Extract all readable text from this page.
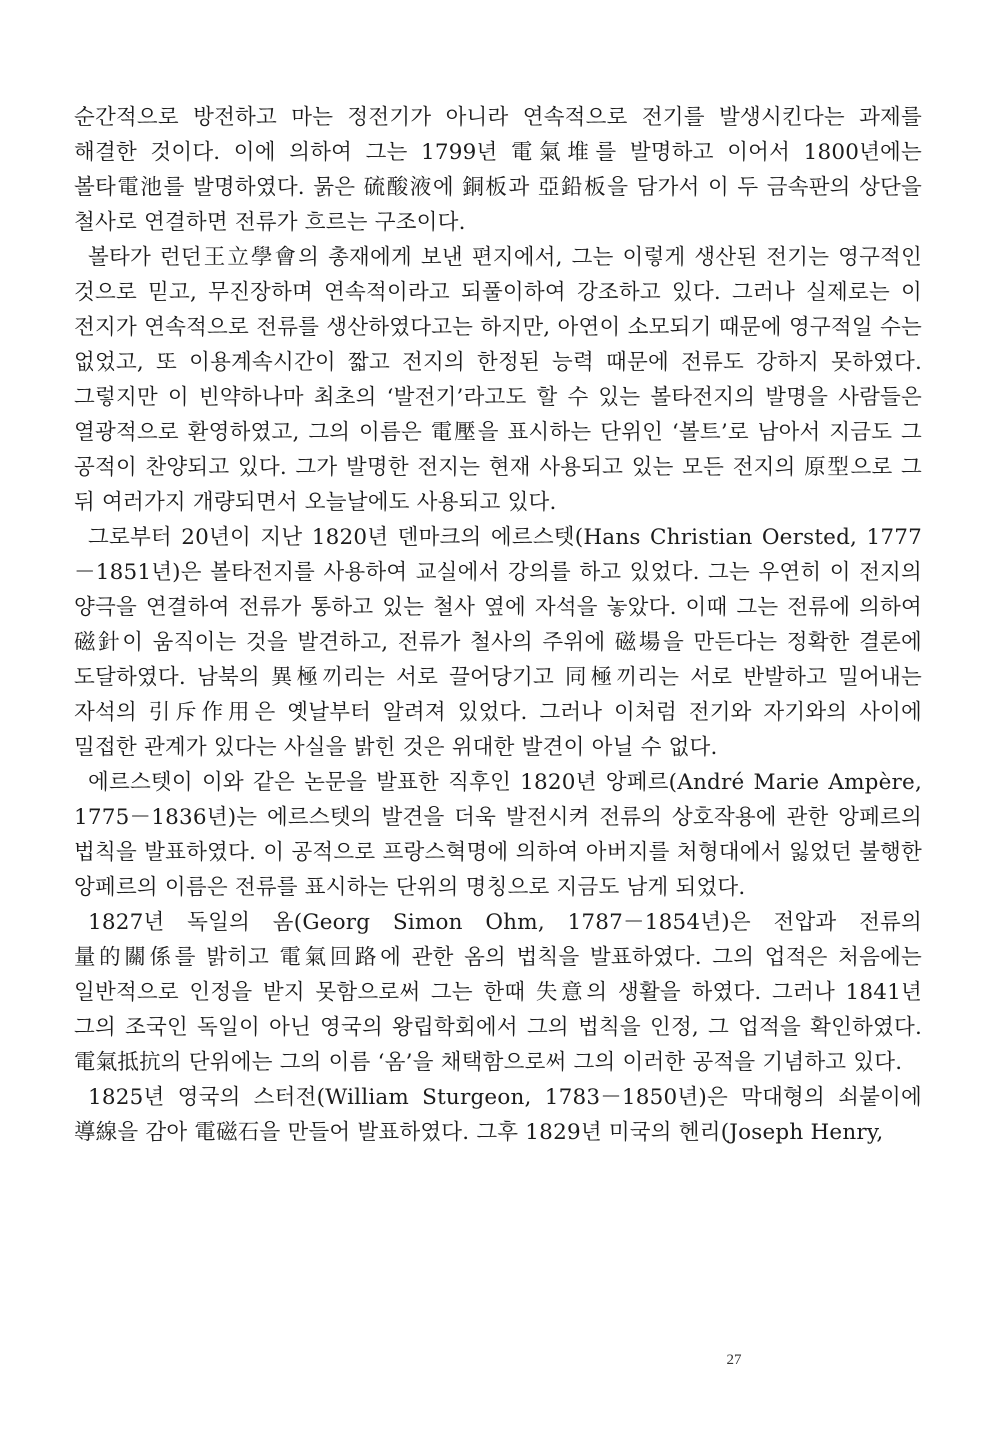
순간적으로 방전하고 마는 정전기가 아니라 연속적으로 전기를 발생시킨다는 과제를 해결한 것이다. 이에 의하여 그는 1799년 電氣堆를 발명하고 이어서 1800년에는 볼타電池를 발명하였다. 묽은 硫酸液에 銅板과 亞鉛板을 담가서 이 두 금속판의 상단을 철사로 연결하면 전류가 흐르는 구조이다.

볼타가 런던王立學會의 총재에게 보낸 편지에서, 그는 이렇게 생산된 전기는 영구적인 것으로 믿고, 무진장하며 연속적이라고 되풀이하여 강조하고 있다. 그러나 실제로는 이 전지가 연속적으로 전류를 생산하였다고는 하지만, 아연이 소모되기 때문에 영구적일 수는 없었고, 또 이용계속시간이 짧고 전지의 한정된 능력 때문에 전류도 강하지 못하였다. 그렇지만 이 빈약하나마 최초의 ‘발전기’라고도 할 수 있는 볼타전지의 발명을 사람들은 열광적으로 환영하였고, 그의 이름은 電壓을 표시하는 단위인 ‘볼트’로 남아서 지금도 그 공적이 찬양되고 있다. 그가 발명한 전지는 현재 사용되고 있는 모든 전지의 原型으로 그 뒤 여러가지 개량되면서 오늘날에도 사용되고 있다.

그로부터 20년이 지난 1820년 덴마크의 에르스텟(Hans Christian Oersted, 1777－1851년)은 볼타전지를 사용하여 교실에서 강의를 하고 있었다. 그는 우연히 이 전지의 양극을 연결하여 전류가 통하고 있는 철사 옆에 자석을 놓았다. 이때 그는 전류에 의하여 磁針이 움직이는 것을 발견하고, 전류가 철사의 주위에 磁場을 만든다는 정확한 결론에 도달하였다. 남북의 異極끼리는 서로 끌어당기고 同極끼리는 서로 반발하고 밀어내는 자석의 引斥作用은 옛날부터 알려져 있었다. 그러나 이처럼 전기와 자기와의 사이에 밀접한 관계가 있다는 사실을 밝힌 것은 위대한 발견이 아닐 수 없다.

에르스텟이 이와 같은 논문을 발표한 직후인 1820년 앙페르(André Marie Ampère, 1775－1836년)는 에르스텟의 발견을 더욱 발전시켜 전류의 상호작용에 관한 앙페르의 법칙을 발표하였다. 이 공적으로 프랑스혁명에 의하여 아버지를 처형대에서 잃었던 불행한 앙페르의 이름은 전류를 표시하는 단위의 명칭으로 지금도 남게 되었다.

1827년 독일의 옴(Georg Simon Ohm, 1787－1854년)은 전압과 전류의 量的關係를 밝히고 電氣回路에 관한 옴의 법칙을 발표하였다. 그의 업적은 처음에는 일반적으로 인정을 받지 못함으로써 그는 한때 失意의 생활을 하였다. 그러나 1841년 그의 조국인 독일이 아닌 영국의 왕립학회에서 그의 법칙을 인정, 그 업적을 확인하였다. 電氣抵抗의 단위에는 그의 이름 ‘옴’을 채택함으로써 그의 이러한 공적을 기념하고 있다.

1825년 영국의 스터전(William Sturgeon, 1783－1850년)은 막대형의 쇠붙이에 導線을 감아 電磁石을 만들어 발표하였다. 그후 1829년 미국의 헨리(Joseph Henry,

27
